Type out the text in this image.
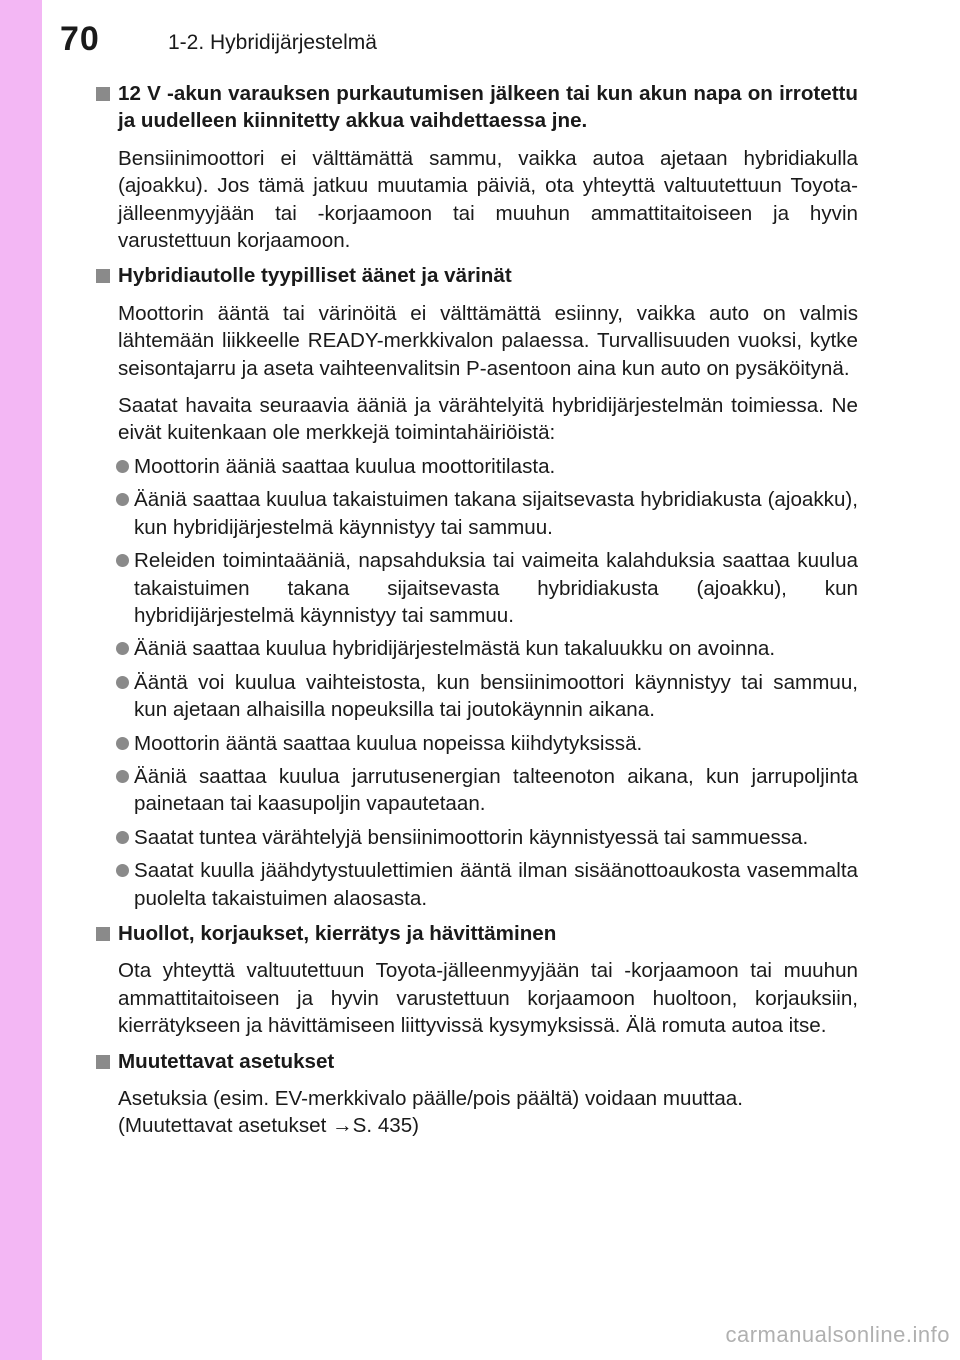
70	1-2. Hybridijärjestelmä
12 V -akun varauksen purkautumisen jälkeen tai kun akun napa on irrotettu ja uudelleen kiinnitetty akkua vaihdettaessa jne.
Bensiinimoottori ei välttämättä sammu, vaikka autoa ajetaan hybridiakulla (ajoakku). Jos tämä jatkuu muutamia päiviä, ota yhteyttä valtuutettuun Toyota-jälleenmyyjään tai -korjaamoon tai muuhun ammattitaitoiseen ja hyvin varustettuun korjaamoon.
Hybridiautolle tyypilliset äänet ja värinät
Moottorin ääntä tai värinöitä ei välttämättä esiinny, vaikka auto on valmis lähtemään liikkeelle READY-merkkivalon palaessa. Turvallisuuden vuoksi, kytke seisontajarru ja aseta vaihteenvalitsin P-asentoon aina kun auto on pysäköitynä.
Saatat havaita seuraavia ääniä ja värähtelyitä hybridijärjestelmän toimiessa. Ne eivät kuitenkaan ole merkkejä toimintahäiriöistä:
Moottorin ääniä saattaa kuulua moottoritilasta.
Ääniä saattaa kuulua takaistuimen takana sijaitsevasta hybridiakusta (ajoakku), kun hybridijärjestelmä käynnistyy tai sammuu.
Releiden toimintaääniä, napsahduksia tai vaimeita kalahduksia saattaa kuulua takaistuimen takana sijaitsevasta hybridiakusta (ajoakku), kun hybridijärjestelmä käynnistyy tai sammuu.
Ääniä saattaa kuulua hybridijärjestelmästä kun takaluukku on avoinna.
Ääntä voi kuulua vaihteistosta, kun bensiinimoottori käynnistyy tai sammuu, kun ajetaan alhaisilla nopeuksilla tai joutokäynnin aikana.
Moottorin ääntä saattaa kuulua nopeissa kiihdytyksissä.
Ääniä saattaa kuulua jarrutusenergian talteenoton aikana, kun jarrupoljinta painetaan tai kaasupoljin vapautetaan.
Saatat tuntea värähtelyjä bensiinimoottorin käynnistyessä tai sammuessa.
Saatat kuulla jäähdytystuulettimien ääntä ilman sisäänottoaukosta vasemmalta puolelta takaistuimen alaosasta.
Huollot, korjaukset, kierrätys ja hävittäminen
Ota yhteyttä valtuutettuun Toyota-jälleenmyyjään tai -korjaamoon tai muuhun ammattitaitoiseen ja hyvin varustettuun korjaamoon huoltoon, korjauksiin, kierrätykseen ja hävittämiseen liittyvissä kysymyksissä. Älä romuta autoa itse.
Muutettavat asetukset
Asetuksia (esim. EV-merkkivalo päälle/pois päältä) voidaan muuttaa.
(Muutettavat asetukset →S. 435)
carmanualsonline.info
